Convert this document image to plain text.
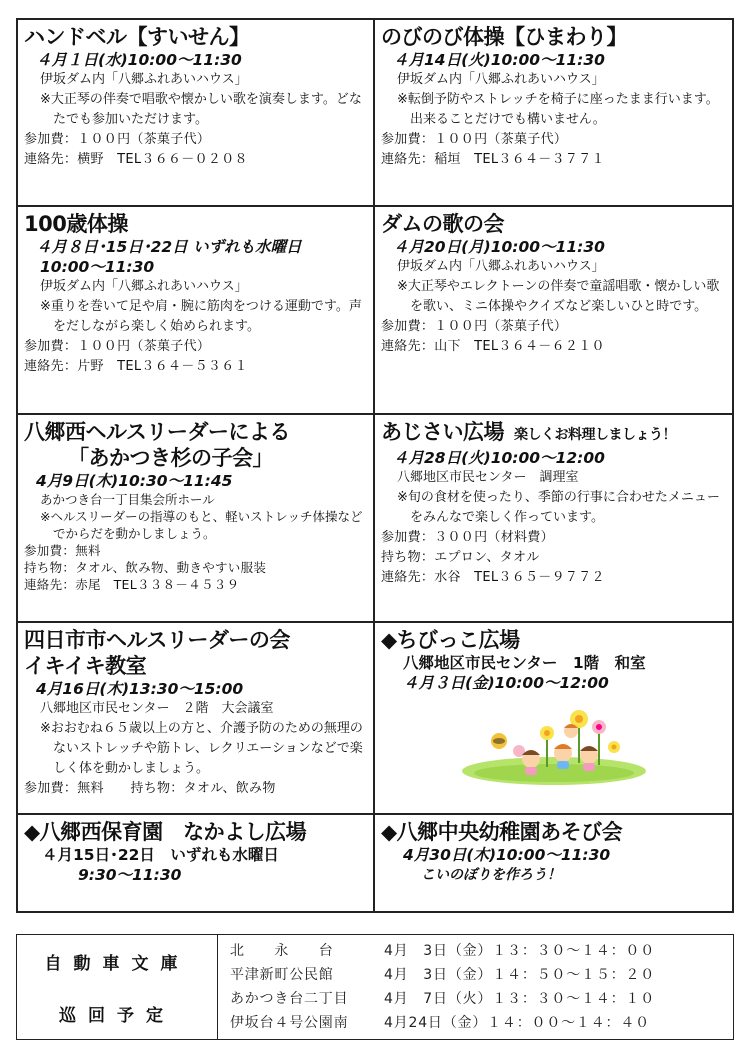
ハンドベル【すいせん】
４月１日(水)10:00～11:30
伊坂ダム内「八郷ふれあいハウス」
※大正琴の伴奏で唱歌や懐かしい歌を演奏します。どなたでも参加いただけます。
参加費：１００円（茶菓子代）
連絡先：横野　TEL３６６－０２０８
のびのび体操【ひまわり】
４月14日(火)10:00～11:30
伊坂ダム内「八郷ふれあいハウス」
※転倒予防やストレッチを椅子に座ったまま行います。出来ることだけでも構いません。
参加費：１００円（茶菓子代）
連絡先：稲垣　TEL３６４－３７７１
100歳体操
４月８日･15日･22日 いずれも水曜日
10:00～11:30
伊坂ダム内「八郷ふれあいハウス」
※重りを巻いて足や肩・腕に筋肉をつける運動です。声をだしながら楽しく始められます。
参加費：１００円（茶菓子代）
連絡先：片野　TEL３６４－５３６１
ダムの歌の会
４月20日(月)10:00～11:30
伊坂ダム内「八郷ふれあいハウス」
※大正琴やエレクトーンの伴奏で童謡唱歌・懐かしい歌を歌い、ミニ体操やクイズなど楽しいひと時です。
参加費：１００円（茶菓子代）
連絡先：山下　TEL３６４－６２１０
八郷西ヘルスリーダーによる
「あかつき杉の子会」
4月9日(木)10:30～11:45
あかつき台一丁目集会所ホール
※ヘルスリーダーの指導のもと、軽いストレッチ体操などでからだを動かしましょう。
参加費：無料
持ち物：タオル、飲み物、動きやすい服装
連絡先：赤尾　TEL３３８－４５３９
あじさい広場 楽しくお料理しましょう！
４月28日(火)10:00～12:00
八郷地区市民センター　調理室
※旬の食材を使ったり、季節の行事に合わせたメニューをみんなで楽しく作っています。
参加費：３００円（材料費）
持ち物：エプロン、タオル
連絡先：水谷　TEL３６５－９７７２
四日市市ヘルスリーダーの会
イキイキ教室
4月16日(木)13:30～15:00
八郷地区市民センター　２階　大会議室
※おおむね６５歳以上の方と、介護予防のための無理のないストレッチや筋トレ、レクリエーションなどで楽しく体を動かしましょう。
参加費：無料　　持ち物：タオル、飲み物
◆ちびっこ広場
八郷地区市民センター　1階　和室
４月３日(金)10:00～12:00
◆八郷西保育園　なかよし広場
４月15日･22日　いずれも水曜日
9:30～11:30
◆八郷中央幼稚園あそび会
4月30日(木)10:00～11:30
こいのぼりを作ろう！
自動車文庫
巡回予定
北　　永　　台	4月　3日（金）１３：３０～１４：００
平津新町公民館	4月　3日（金）１４：５０～１５：２０
あかつき台二丁目	4月　7日（火）１３：３０～１４：１０
伊坂台４号公園南	4月24日（金）１４：００～１４：４０
